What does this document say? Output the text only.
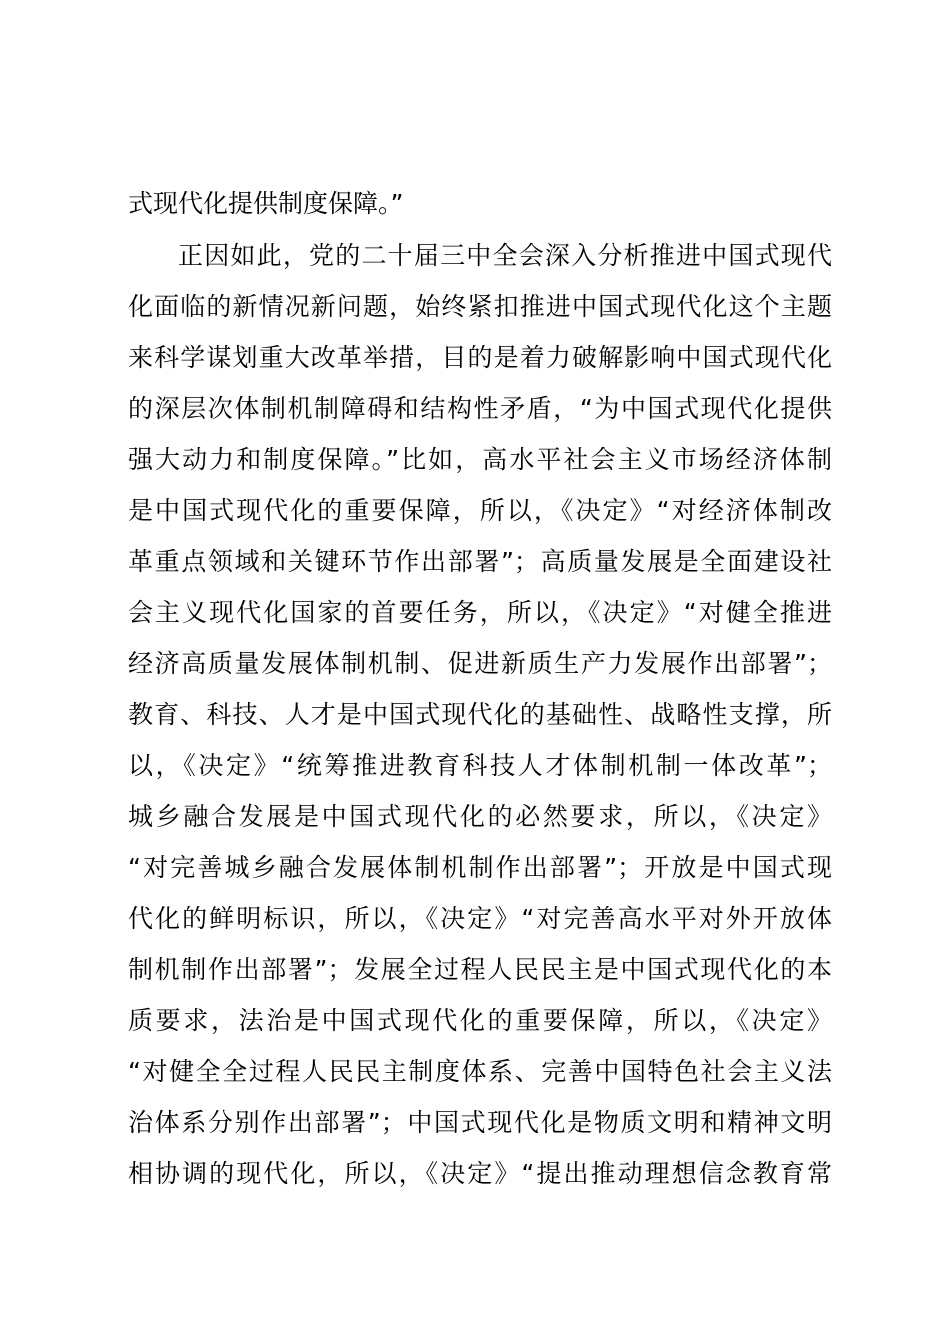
式现代化提供制度保障。”
正因如此，党的二十届三中全会深入分析推进中国式现代
化面临的新情况新问题，始终紧扣推进中国式现代化这个主题
来科学谋划重大改革举措，目的是着力破解影响中国式现代化
的深层次体制机制障碍和结构性矛盾，“为中国式现代化提供
强大动力和制度保障。”比如，高水平社会主义市场经济体制
是中国式现代化的重要保障，所以，《决定》“对经济体制改
革重点领域和关键环节作出部署”；高质量发展是全面建设社
会主义现代化国家的首要任务，所以，《决定》“对健全推进
经济高质量发展体制机制、促进新质生产力发展作出部署”；
教育、科技、人才是中国式现代化的基础性、战略性支撑，所
以，《决定》“统筹推进教育科技人才体制机制一体改革”；
城乡融合发展是中国式现代化的必然要求，所以，《决定》
“对完善城乡融合发展体制机制作出部署”；开放是中国式现
代化的鲜明标识，所以，《决定》“对完善高水平对外开放体
制机制作出部署”；发展全过程人民民主是中国式现代化的本
质要求，法治是中国式现代化的重要保障，所以，《决定》
“对健全全过程人民民主制度体系、完善中国特色社会主义法
治体系分别作出部署”；中国式现代化是物质文明和精神文明
相协调的现代化，所以，《决定》“提出推动理想信念教育常
